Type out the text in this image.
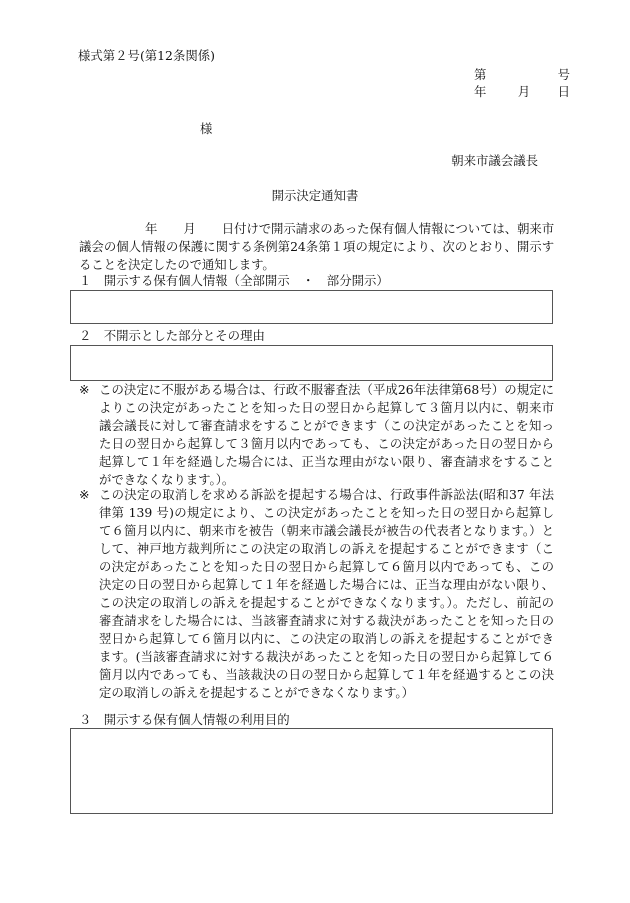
様式第２号(第12条関係)
第	号
年	月 日
様
朝来市議会議長
開示決定通知書
年 月 日付けで開示請求のあった保有個人情報については、朝来市議会の個人情報の保護に関する条例第24条第１項の規定により、次のとおり、開示することを決定したので通知します。
１　開示する保有個人情報（全部開示　・　部分開示）
２　不開示とした部分とその理由
※ この決定に不服がある場合は、行政不服審査法（平成26年法律第68号）の規定によりこの決定があったことを知った日の翌日から起算して３箇月以内に、朝来市議会議長に対して審査請求をすることができます（この決定があったことを知った日の翌日から起算して３箇月以内であっても、この決定があった日の翌日から起算して１年を経過した場合には、正当な理由がない限り、審査請求をすることができなくなります。）。
※ この決定の取消しを求める訴訟を提起する場合は、行政事件訴訟法(昭和37 年法律第 139 号)の規定により、この決定があったことを知った日の翌日から起算して６箇月以内に、朝来市を被告（朝来市議会議長が被告の代表者となります。）として、神戸地方裁判所にこの決定の取消しの訴えを提起することができます（この決定があったことを知った日の翌日から起算して６箇月以内であっても、この決定の日の翌日から起算して１年を経過した場合には、正当な理由がない限り、この決定の取消しの訴えを提起することができなくなります。）。ただし、前記の審査請求をした場合には、当該審査請求に対する裁決があったことを知った日の翌日から起算して６箇月以内に、この決定の取消しの訴えを提起することができます。(当該審査請求に対する裁決があったことを知った日の翌日から起算して６箇月以内であっても、当該裁決の日の翌日から起算して１年を経過するとこの決定の取消しの訴えを提起することができなくなります。）
３　開示する保有個人情報の利用目的
